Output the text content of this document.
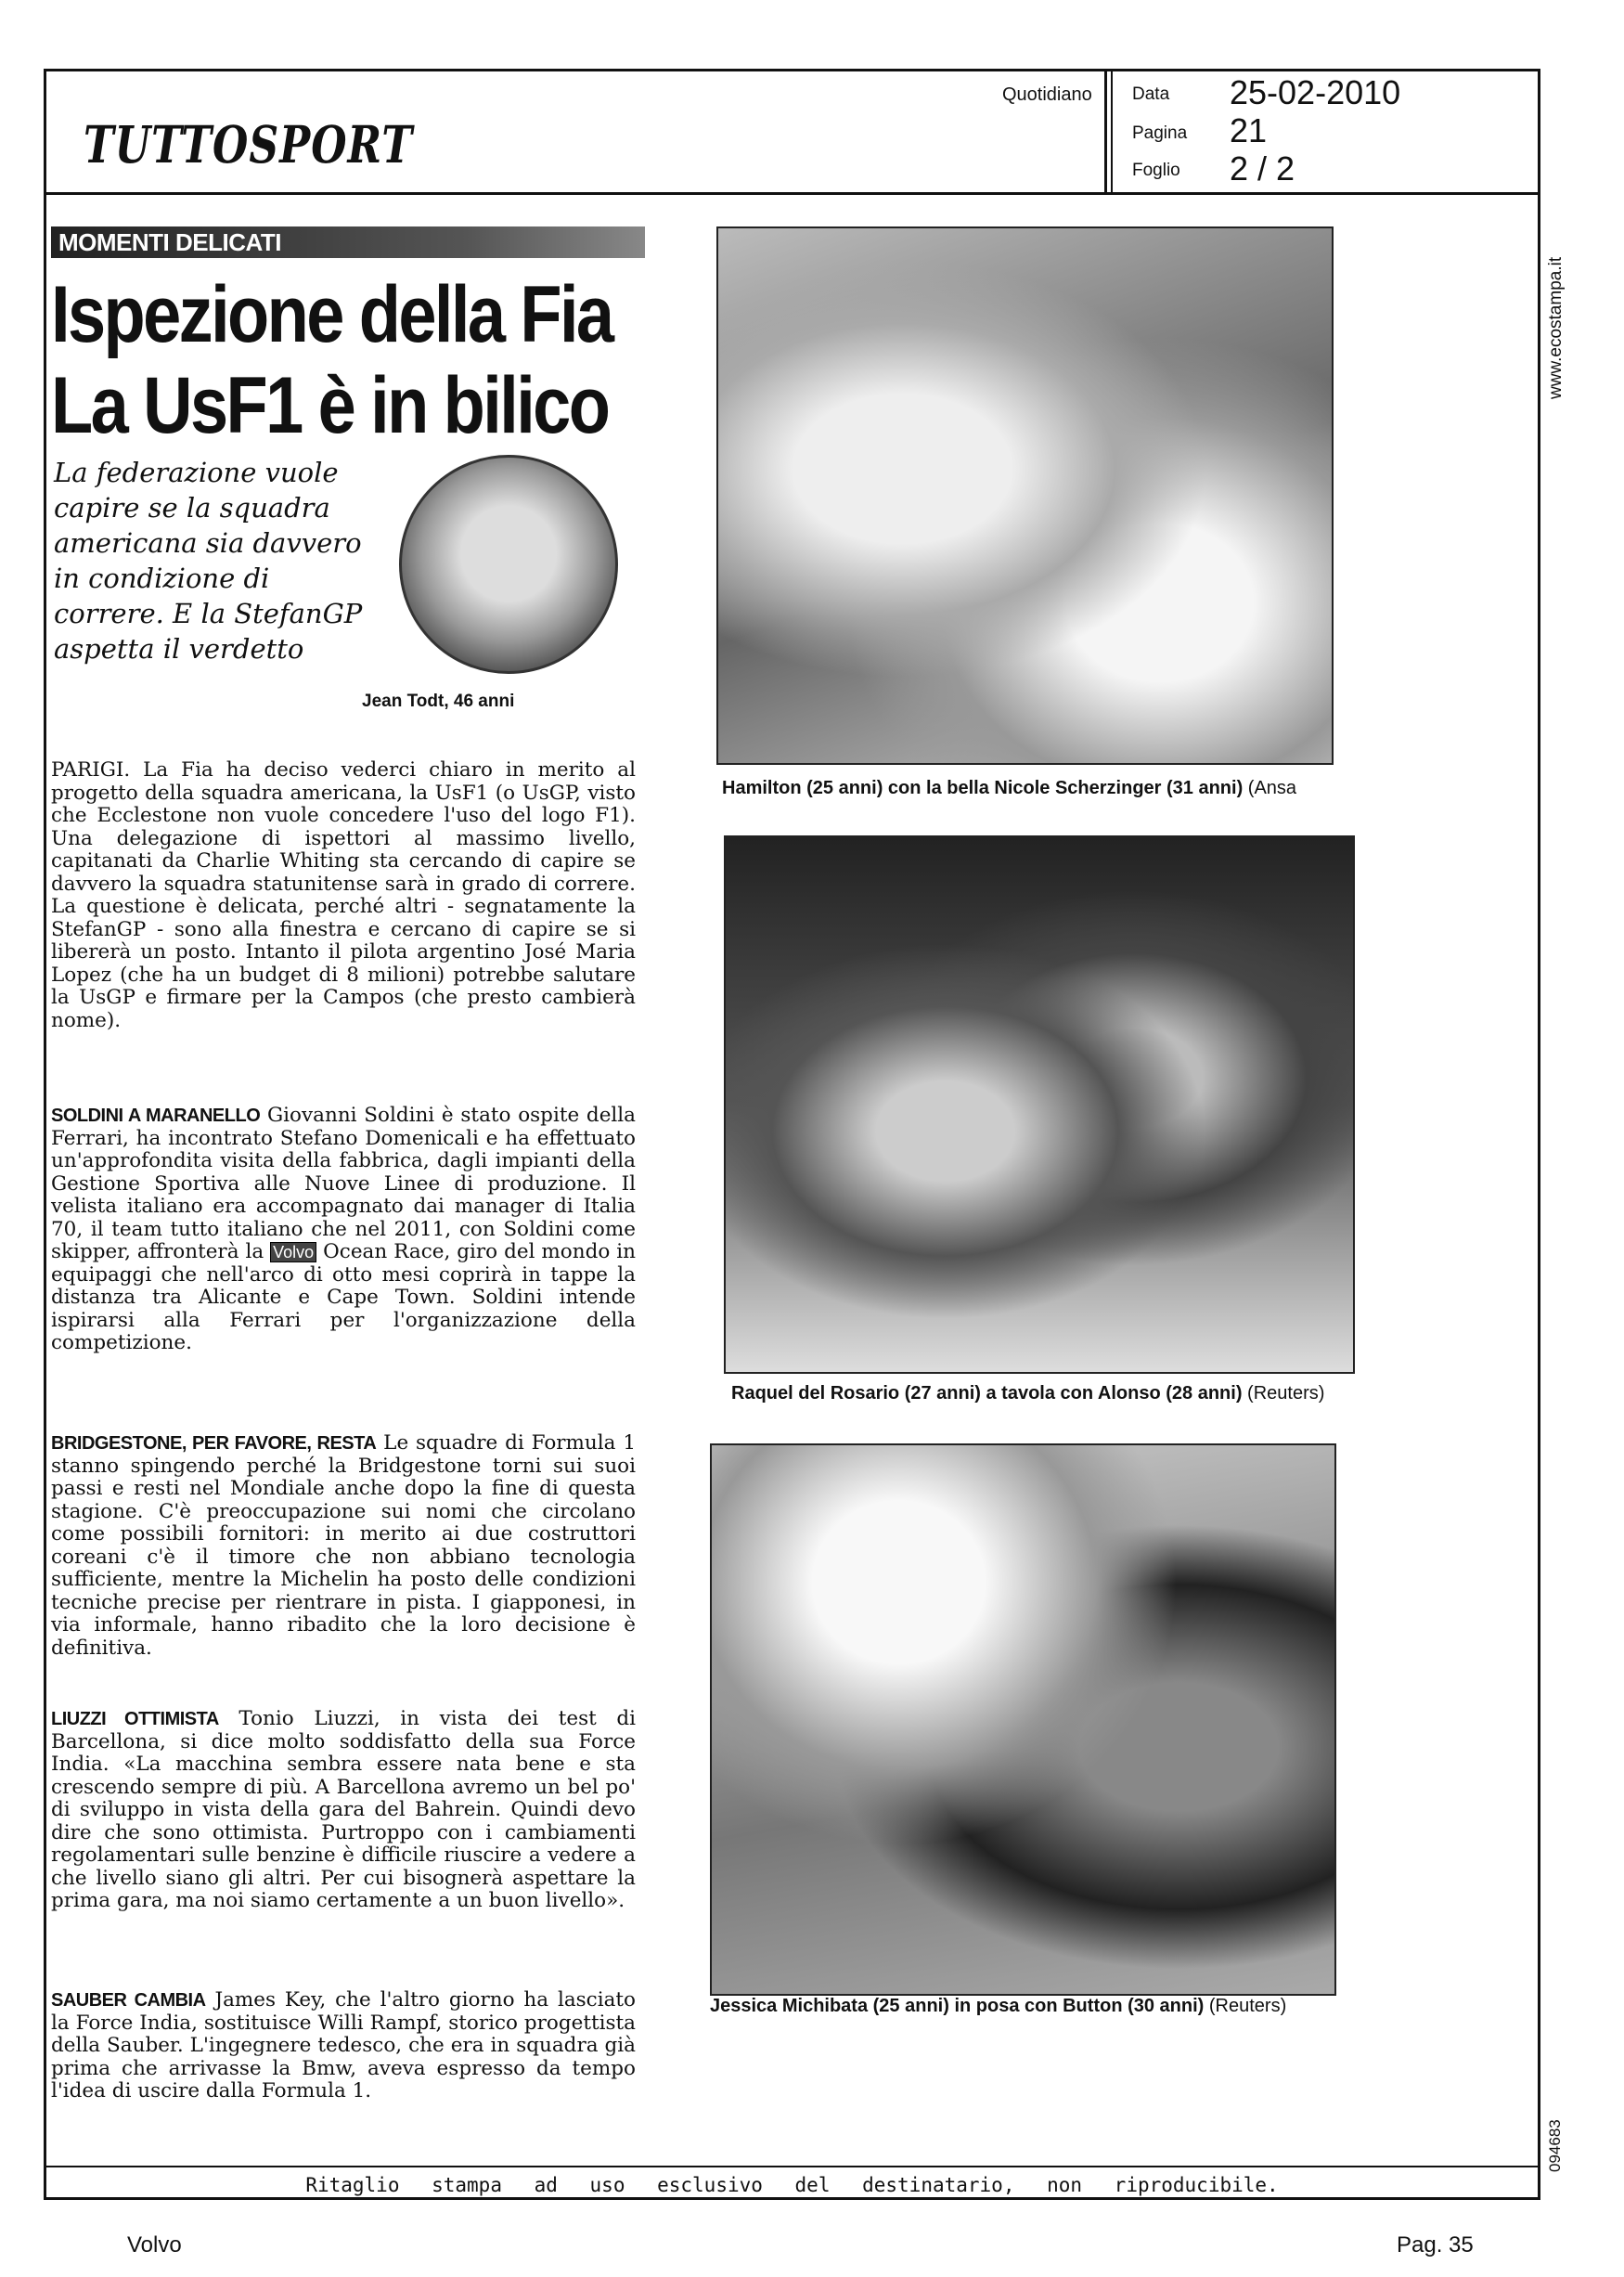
TUTTOSPORT
Quotidiano Data 25-02-2010
Pagina 21
Foglio 2 / 2
MOMENTI DELICATI
Ispezione della Fia
La UsF1 è in bilico
La federazione vuole capire se la squadra americana sia davvero in condizione di correre. E la StefanGP aspetta il verdetto
Jean Todt, 46 anni
PARIGI. La Fia ha deciso vederci chiaro in merito al progetto della squadra americana, la UsF1 (o UsGP, visto che Ecclestone non vuole concedere l'uso del logo F1). Una delegazione di ispettori al massimo livello, capitanati da Charlie Whiting sta cercando di capire se davvero la squadra statunitense sarà in grado di correre. La questione è delicata, perché altri - segnatamente la StefanGP - sono alla finestra e cercano di capire se si libererà un posto. Intanto il pilota argentino José Maria Lopez (che ha un budget di 8 milioni) potrebbe salutare la UsGP e firmare per la Campos (che presto cambierà nome).
SOLDINI A MARANELLO Giovanni Soldini è stato ospite della Ferrari, ha incontrato Stefano Domenicali e ha effettuato un'approfondita visita della fabbrica, dagli impianti della Gestione Sportiva alle Nuove Linee di produzione. Il velista italiano era accompagnato dai manager di Italia 70, il team tutto italiano che nel 2011, con Soldini come skipper, affronterà la Volvo Ocean Race, giro del mondo in equipaggi che nell'arco di otto mesi coprirà in tappe la distanza tra Alicante e Cape Town. Soldini intende ispirarsi alla Ferrari per l'organizzazione della competizione.
BRIDGESTONE, PER FAVORE, RESTA Le squadre di Formula 1 stanno spingendo perché la Bridgestone torni sui suoi passi e resti nel Mondiale anche dopo la fine di questa stagione. C'è preoccupazione sui nomi che circolano come possibili fornitori: in merito ai due costruttori coreani c'è il timore che non abbiano tecnologia sufficiente, mentre la Michelin ha posto delle condizioni tecniche precise per rientrare in pista. I giapponesi, in via informale, hanno ribadito che la loro decisione è definitiva.
LIUZZI OTTIMISTA Tonio Liuzzi, in vista dei test di Barcellona, si dice molto soddisfatto della sua Force India. «La macchina sembra essere nata bene e sta crescendo sempre di più. A Barcellona avremo un bel po' di sviluppo in vista della gara del Bahrein. Quindi devo dire che sono ottimista. Purtroppo con i cambiamenti regolamentari sulle benzine è difficile riuscire a vedere a che livello siano gli altri. Per cui bisognerà aspettare la prima gara, ma noi siamo certamente a un buon livello».
SAUBER CAMBIA James Key, che l'altro giorno ha lasciato la Force India, sostituisce Willi Rampf, storico progettista della Sauber. L'ingegnere tedesco, che era in squadra già prima che arrivasse la Bmw, aveva espresso da tempo l'idea di uscire dalla Formula 1.
Hamilton (25 anni) con la bella Nicole Scherzinger (31 anni) (Ansa
Raquel del Rosario (27 anni) a tavola con Alonso (28 anni) (Reuters)
Jessica Michibata (25 anni) in posa con Button (30 anni) (Reuters)
www.ecostampa.it
094683
Ritaglio stampa ad uso esclusivo del destinatario, non riproducibile.
Volvo	Pag. 35
